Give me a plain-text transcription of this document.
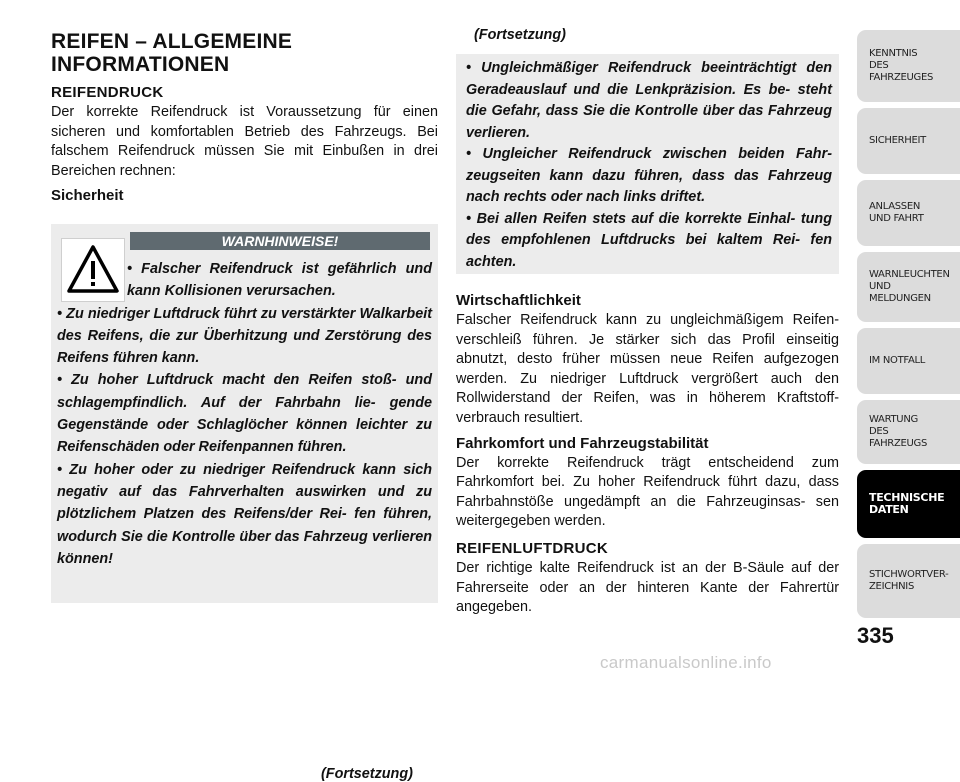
REIFEN – ALLGEMEINE
INFORMATIONEN
REIFENDRUCK

Der korrekte Reifendruck ist Voraussetzung für einen sicheren und komfortablen Betrieb des Fahrzeugs. Bei falschem Reifendruck müssen Sie mit Einbußen in drei Bereichen rechnen:

Sicherheit
WARNHINWEISE!
• Falscher Reifendruck ist gefährlich und kann Kollisionen verursachen.
• Zu niedriger Luftdruck führt zu verstärkter Walkarbeit des Reifens, die zur Überhitzung und Zerstörung des Reifens führen kann.
• Zu hoher Luftdruck macht den Reifen stoß- und schlagempfindlich. Auf der Fahrbahn lie- gende Gegenstände oder Schlaglöcher können leichter zu Reifenschäden oder Reifenpannen führen.
• Zu hoher oder zu niedriger Reifendruck kann sich negativ auf das Fahrverhalten auswirken und zu plötzlichem Platzen des Reifens/der Rei- fen führen, wodurch Sie die Kontrolle über das Fahrzeug verlieren können!
(Fortsetzung)
(Fortsetzung)
• Ungleichmäßiger Reifendruck beeinträchtigt den Geradeauslauf und die Lenkpräzision. Es be- steht die Gefahr, dass Sie die Kontrolle über das Fahrzeug verlieren.
• Ungleicher Reifendruck zwischen beiden Fahr- zeugseiten kann dazu führen, dass das Fahrzeug nach rechts oder nach links driftet.
• Bei allen Reifen stets auf die korrekte Einhal- tung des empfohlenen Luftdrucks bei kaltem Rei- fen achten.
Wirtschaftlichkeit

Falscher Reifendruck kann zu ungleichmäßigem Reifen- verschleiß führen. Je stärker sich das Profil einseitig abnutzt, desto früher müssen neue Reifen aufgezogen werden. Zu niedriger Luftdruck vergrößert auch den Rollwiderstand der Reifen, was in höherem Kraftstoff- verbrauch resultiert.

Fahrkomfort und Fahrzeugstabilität

Der korrekte Reifendruck trägt entscheidend zum Fahrkomfort bei. Zu hoher Reifendruck führt dazu, dass Fahrbahnstöße ungedämpft an die Fahrzeuginsas- sen weitergegeben werden.

REIFENLUFTDRUCK

Der richtige kalte Reifendruck ist an der B-Säule auf der Fahrerseite oder an der hinteren Kante der Fahrertür angegeben.

KENNTNIS
DES
FAHRZEUGES
SICHERHEIT
ANLASSEN
UND FAHRT
WARNLEUCHTEN
UND
MELDUNGEN
IM NOTFALL
WARTUNG
DES
FAHRZEUGS
TECHNISCHE
DATEN
STICHWORTVER-
ZEICHNIS
335
carmanualsonline.info
